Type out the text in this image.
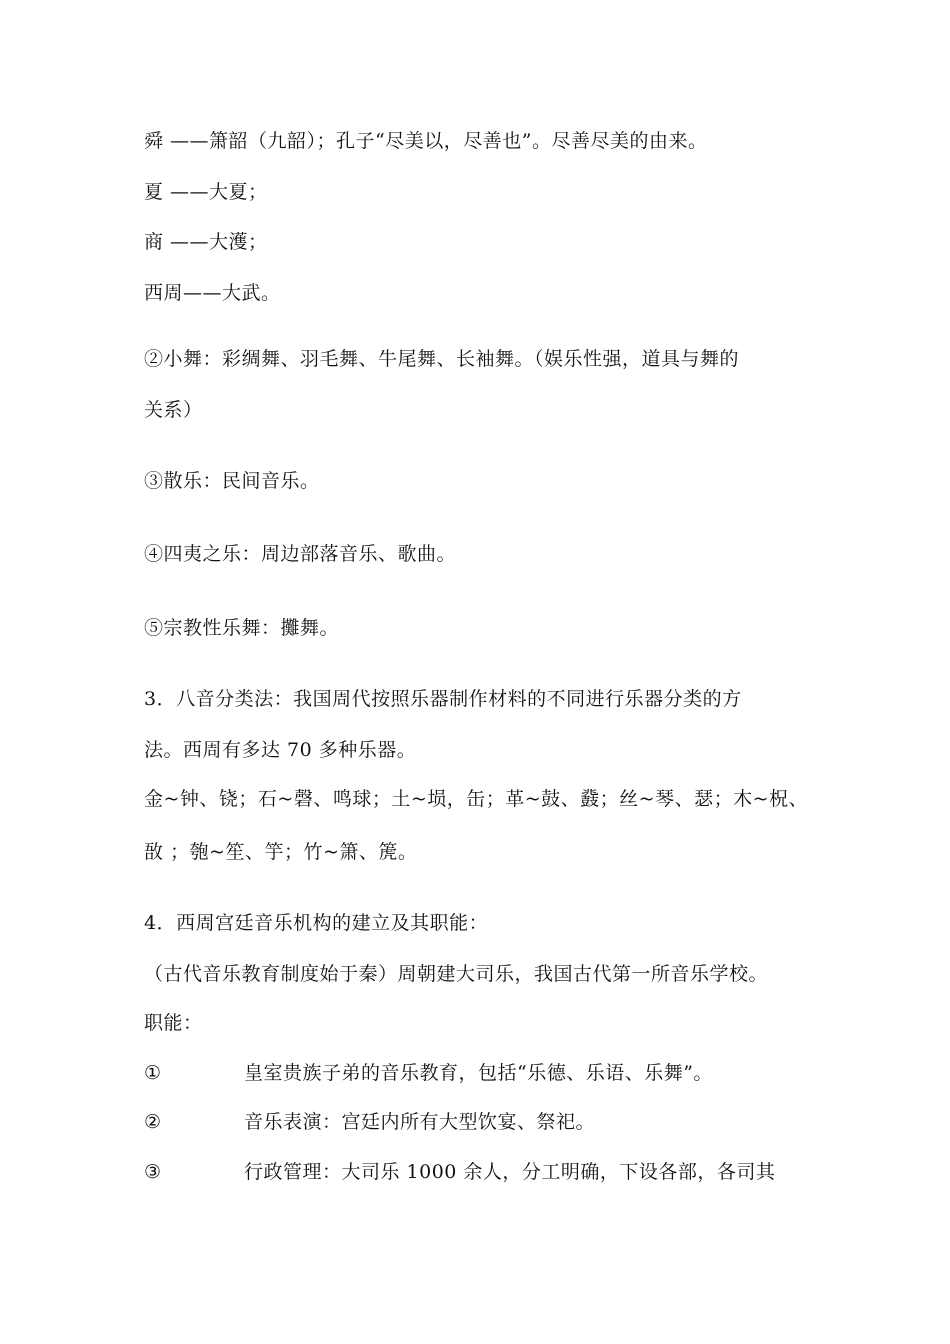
舜 ——箫韶（九韶）；孔子“尽美以，尽善也”。尽善尽美的由来。
夏 ——大夏；
商 ——大濩；
西周——大武。
②小舞：彩绸舞、羽毛舞、牛尾舞、长袖舞。（娱乐性强，道具与舞的
关系）
③散乐：民间音乐。
④四夷之乐：周边部落音乐、歌曲。
⑤宗教性乐舞：攤舞。
3．八音分类法：我国周代按照乐器制作材料的不同进行乐器分类的方
法。西周有多达 70 多种乐器。
金~钟、铙；石~磬、鸣球；土~埙，缶；革~鼓、鼗；丝~琴、瑟；木~柷、
敔 ；匏~笙、竽；竹~箫、箎。
4．西周宫廷音乐机构的建立及其职能：
（古代音乐教育制度始于秦）周朝建大司乐，我国古代第一所音乐学校。
职能：
①	皇室贵族子弟的音乐教育，包括“乐德、乐语、乐舞”。
②	音乐表演：宫廷内所有大型饮宴、祭祀。
③	行政管理：大司乐 1000 余人，分工明确，下设各部，各司其
